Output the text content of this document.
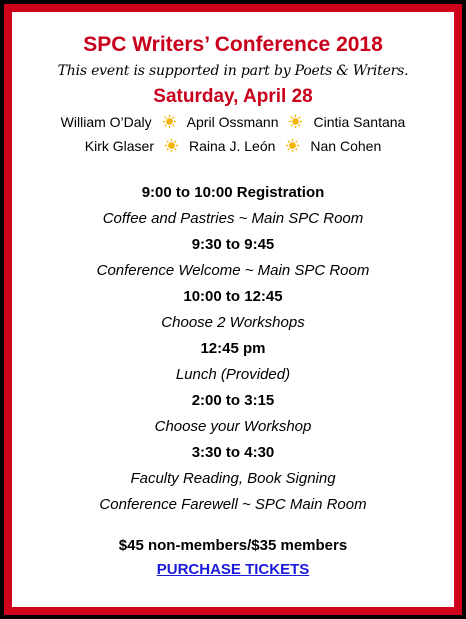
SPC Writers’ Conference 2018

This event is supported in part by Poets & Writers.

Saturday, April 28

William O’Daly	April Ossmann	Cintia Santana

Kirk Glaser	Raina J. León	Nan Cohen

9:00 to 10:00 Registration

Coffee and Pastries ~ Main SPC Room

9:30 to 9:45

Conference Welcome ~ Main SPC Room

10:00 to 12:45

Choose 2 Workshops

12:45 pm

Lunch (Provided)

2:00 to 3:15

Choose your Workshop

3:30 to 4:30

Faculty Reading, Book Signing

Conference Farewell ~ SPC Main Room

$45 non-members/$35 members

PURCHASE TICKETS
